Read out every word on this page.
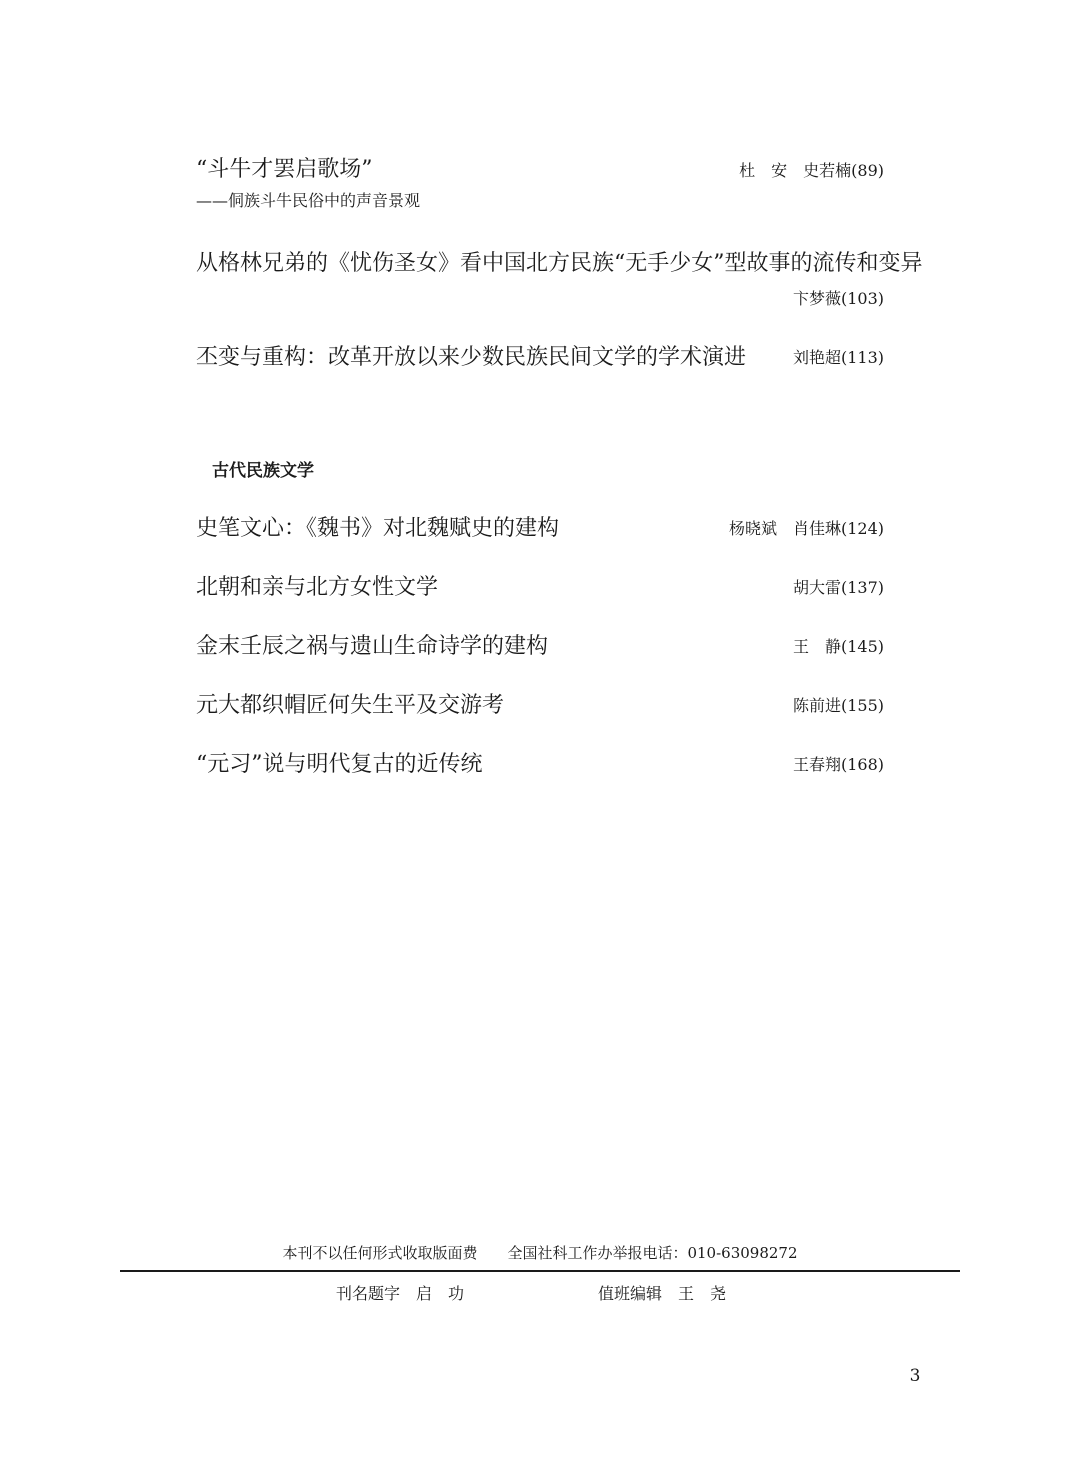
“斗牛才罢启歌场”
——侗族斗牛民俗中的声音景观
杜　安　史若楠(89)
从格林兄弟的《忧伤圣女》看中国北方民族“无手少女”型故事的流传和变异
卞梦薇(103)
丕变与重构：改革开放以来少数民族民间文学的学术演进	刘艳超(113)
古代民族文学
史笔文心：《魏书》对北魏赋史的建构	杨晓斌　肖佳琳(124)
北朝和亲与北方女性文学	胡大雷(137)
金末壬辰之祸与遗山生命诗学的建构	王　静(145)
元大都织帽匠何失生平及交游考	陈前进(155)
“元习”说与明代复古的近传统	王春翔(168)
本刊不以任何形式收取版面费　　全国社科工作办举报电话：010-63098272
刊名题字　启　功	值班编辑　王　尧
3
